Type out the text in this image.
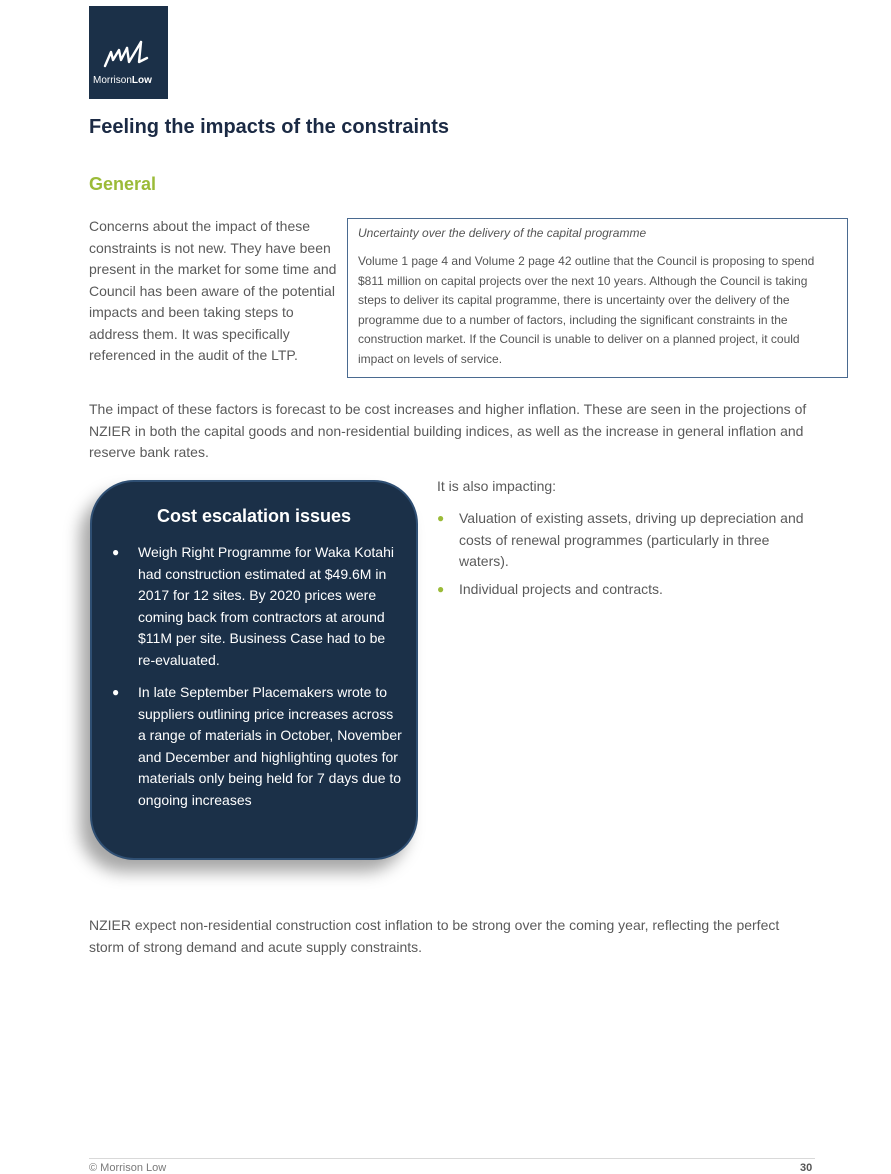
MorrisonLow
Feeling the impacts of the constraints
General

Concerns about the impact of these constraints is not new. They have been present in the market for some time and Council has been aware of the potential impacts and been taking steps to address them. It was specifically referenced in the audit of the LTP.

Uncertainty over the delivery of the capital programme

Volume 1 page 4 and Volume 2 page 42 outline that the Council is proposing to spend $811 million on capital projects over the next 10 years. Although the Council is taking steps to deliver its capital programme, there is uncertainty over the delivery of the programme due to a number of factors, including the significant constraints in the construction market. If the Council is unable to deliver on a planned project, it could impact on levels of service.

The impact of these factors is forecast to be cost increases and higher inflation. These are seen in the projections of NZIER in both the capital goods and non-residential building indices, as well as the increase in general inflation and reserve bank rates.

Cost escalation issues

● Weigh Right Programme for Waka Kotahi had construction estimated at $49.6M in 2017 for 12 sites. By 2020 prices were coming back from contractors at around $11M per site. Business Case had to be re-evaluated.
● In late September Placemakers wrote to suppliers outlining price increases across a range of materials in October, November and December and highlighting quotes for materials only being held for 7 days due to ongoing increases

It is also impacting:

● Valuation of existing assets, driving up depreciation and costs of renewal programmes (particularly in three waters).
● Individual projects and contracts.

NZIER expect non-residential construction cost inflation to be strong over the coming year, reflecting the perfect storm of strong demand and acute supply constraints.

© Morrison Low	30
